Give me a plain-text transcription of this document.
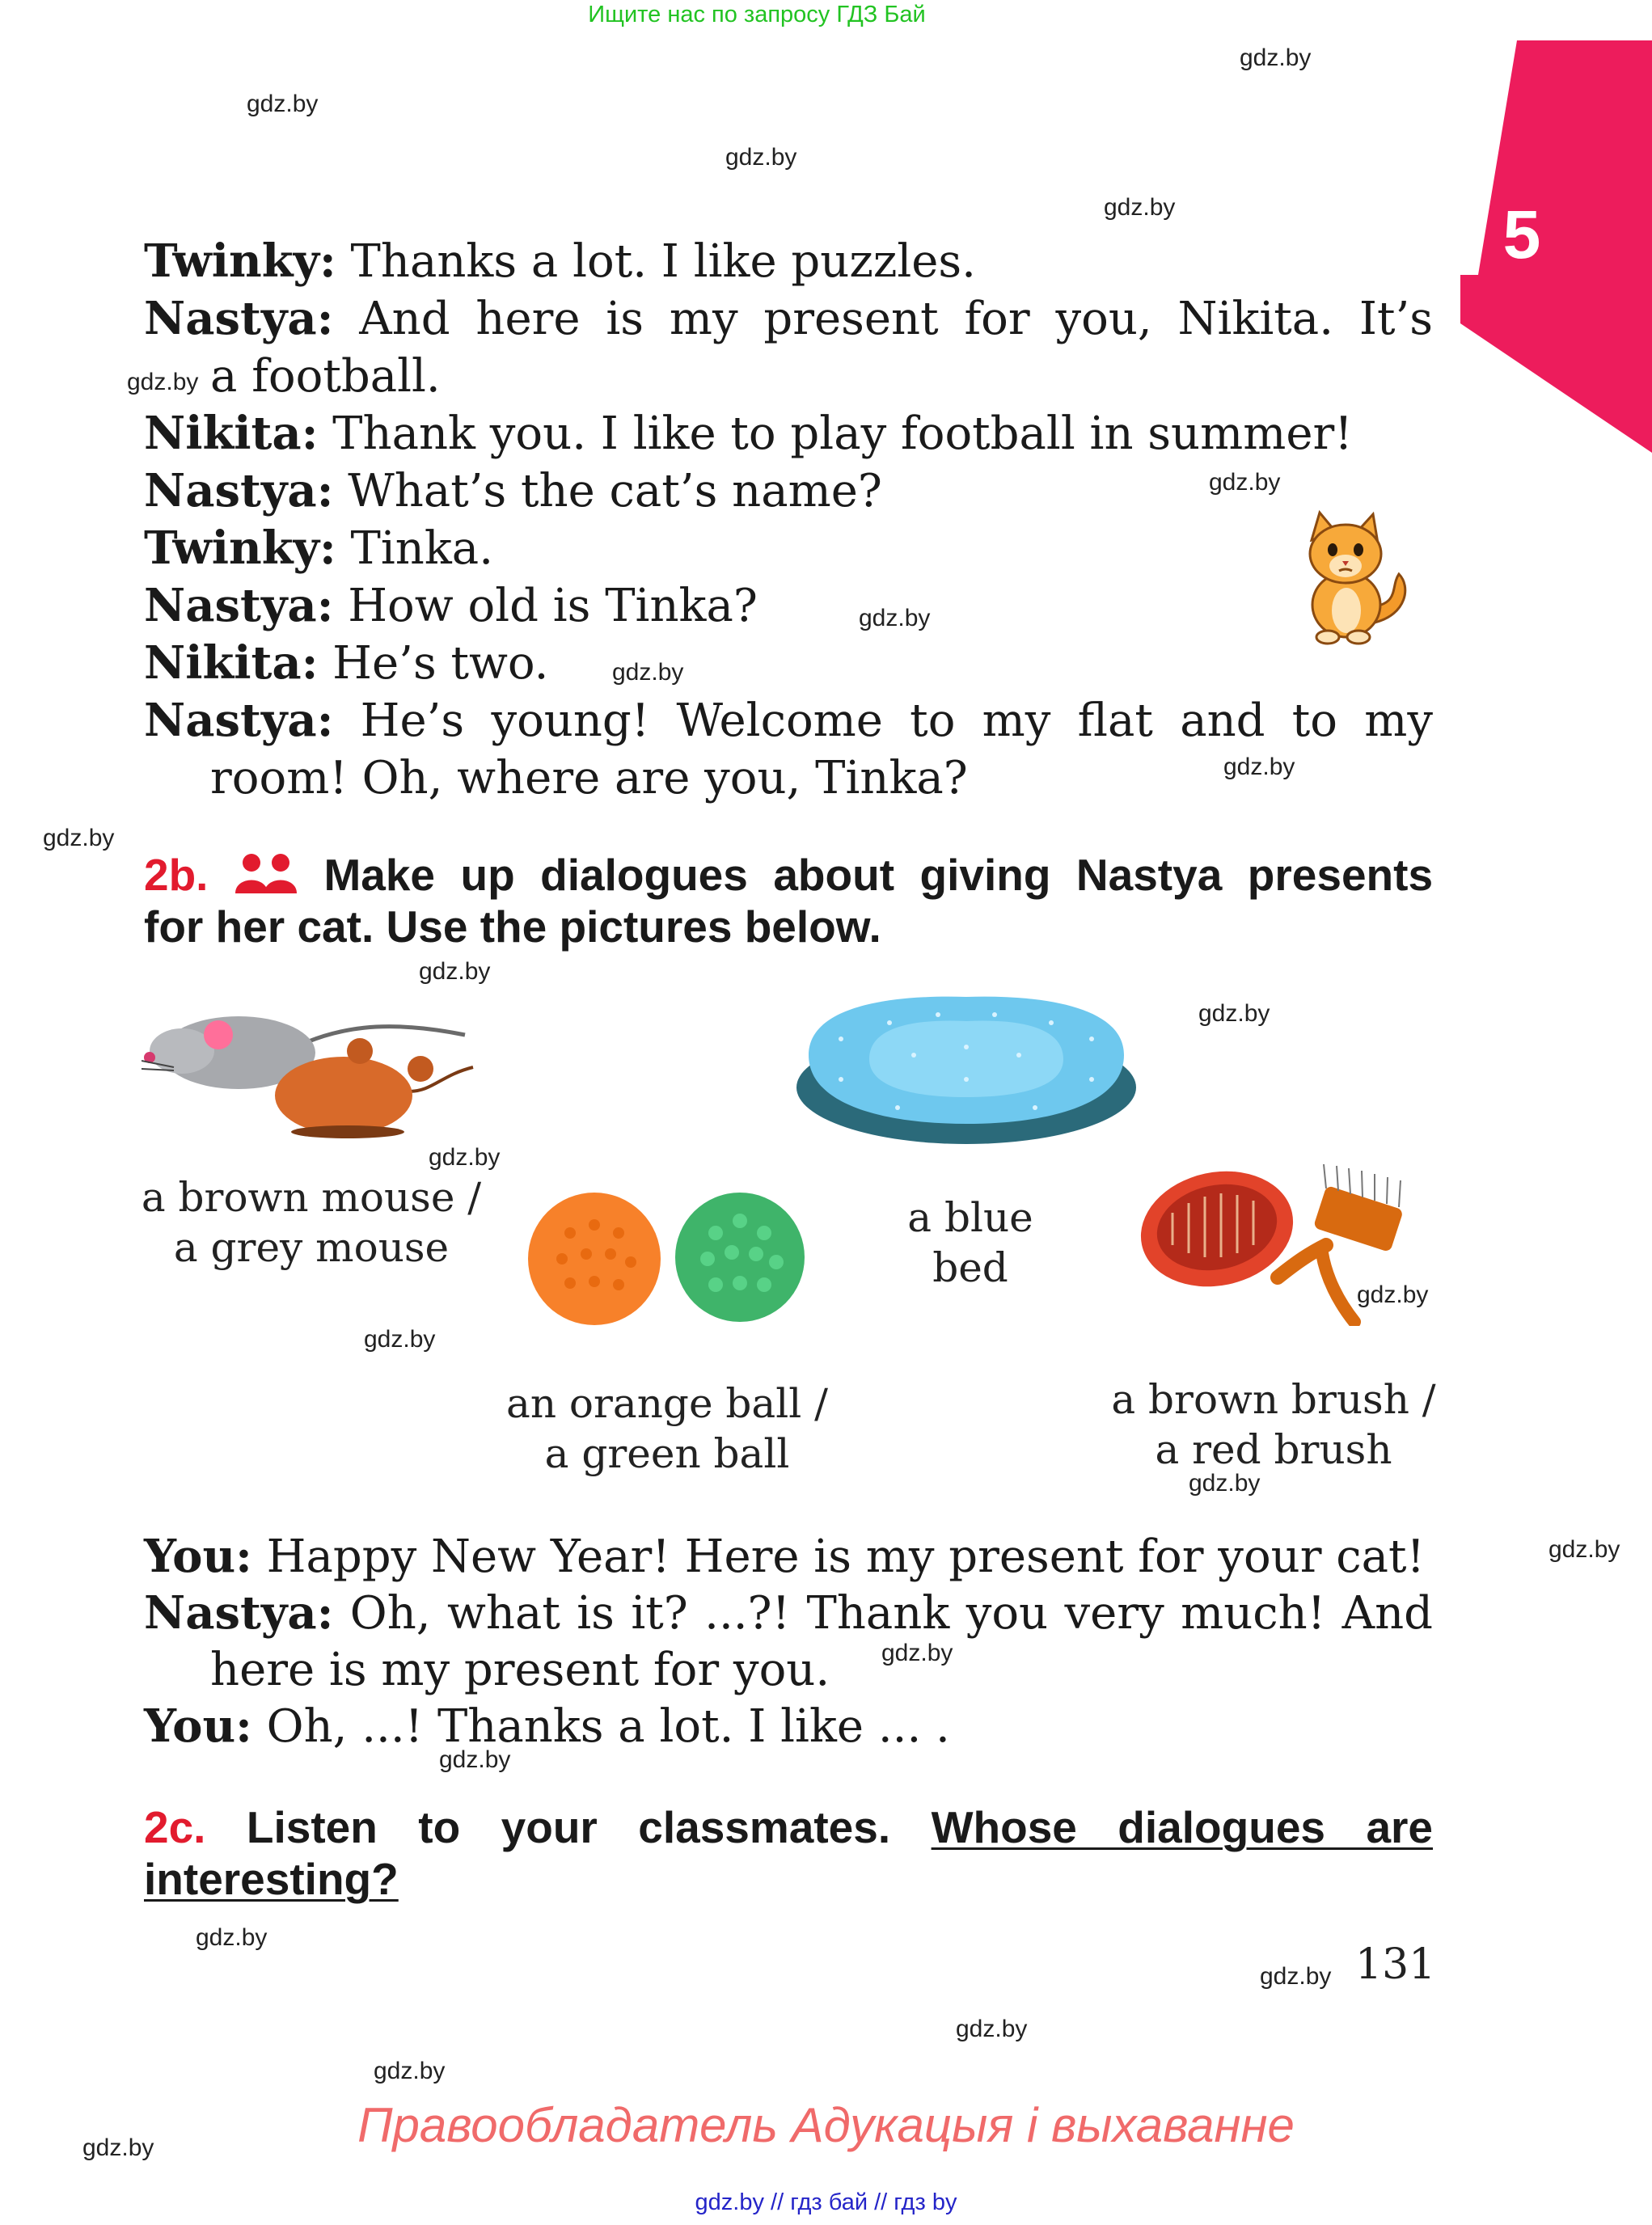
Ищите нас по запросу ГДЗ Бай
5
gdz.by
gdz.by
gdz.by
gdz.by
gdz.by
gdz.by
gdz.by
gdz.by
gdz.by
gdz.by
gdz.by
gdz.by
gdz.by
gdz.by
gdz.by
gdz.by
gdz.by
gdz.by
gdz.by
gdz.by
gdz.by
gdz.by
gdz.by
gdz.by
Twinky: Thanks a lot. I like puzzles.
Nastya: And here is my present for you, Nikita. It’s
a football.
Nikita: Thank you. I like to play football in summer!
Nastya: What’s the cat’s name?
Twinky: Tinka.
Nastya: How old is Tinka?
Nikita: He’s two.
Nastya: He’s young! Welcome to my flat and to my
room! Oh, where are you, Tinka?
2b.	Make up dialogues about giving Nastya presents
for her cat. Use the pictures below.
a brown mouse /
a grey mouse
an orange ball /
a green ball
a blue
bed
a brown brush /
a red brush
You: Happy New Year! Here is my present for your cat!
Nastya: Oh, what is it? ...?! Thank you very much! And
here is my present for you.
You: Oh, ...! Thanks a lot. I like ... .
2c. Listen to your classmates. Whose dialogues are
interesting?
131
Правообладатель Адукацыя і выхаванне
gdz.by // гдз бай // гдз by
